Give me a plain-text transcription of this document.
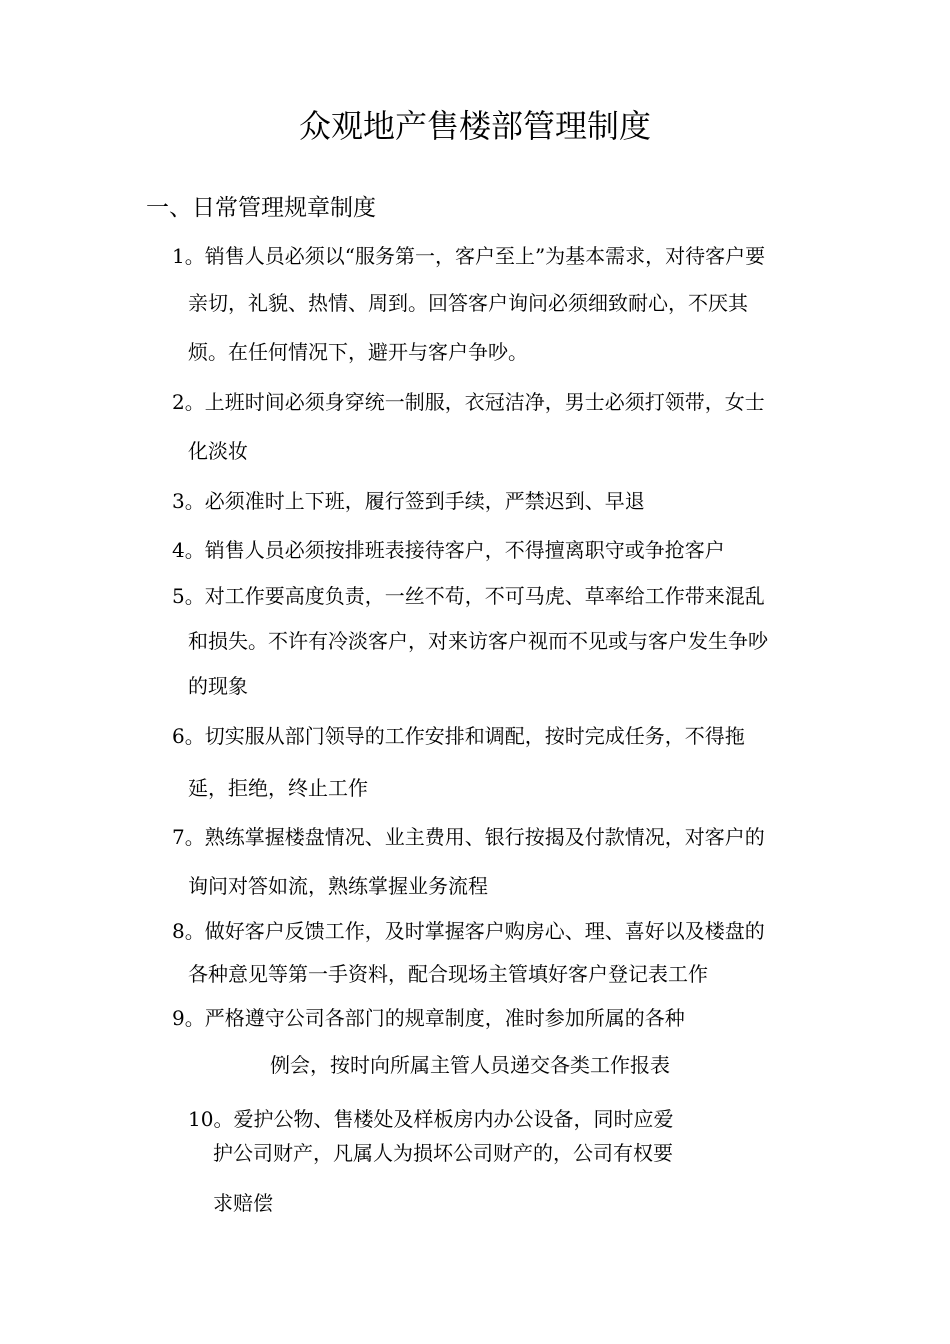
众观地产售楼部管理制度
一、日常管理规章制度
1。销售人员必须以“服务第一，客户至上”为基本需求，对待客户要
亲切，礼貌、热情、周到。回答客户询问必须细致耐心，不厌其
烦。在任何情况下，避开与客户争吵。
2。上班时间必须身穿统一制服，衣冠洁净，男士必须打领带，女士
化淡妆
3。必须准时上下班，履行签到手续，严禁迟到、早退
4。销售人员必须按排班表接待客户，不得擅离职守或争抢客户
5。对工作要高度负责，一丝不苟，不可马虎、草率给工作带来混乱
和损失。不许有冷淡客户，对来访客户视而不见或与客户发生争吵
的现象
6。切实服从部门领导的工作安排和调配，按时完成任务，不得拖
延，拒绝，终止工作
7。熟练掌握楼盘情况、业主费用、银行按揭及付款情况，对客户的
询问对答如流，熟练掌握业务流程
8。做好客户反馈工作，及时掌握客户购房心、理、喜好以及楼盘的
各种意见等第一手资料，配合现场主管填好客户登记表工作
9。严格遵守公司各部门的规章制度，准时参加所属的各种
例会，按时向所属主管人员递交各类工作报表
10。爱护公物、售楼处及样板房内办公设备，同时应爱
护公司财产，凡属人为损坏公司财产的，公司有权要
求赔偿
